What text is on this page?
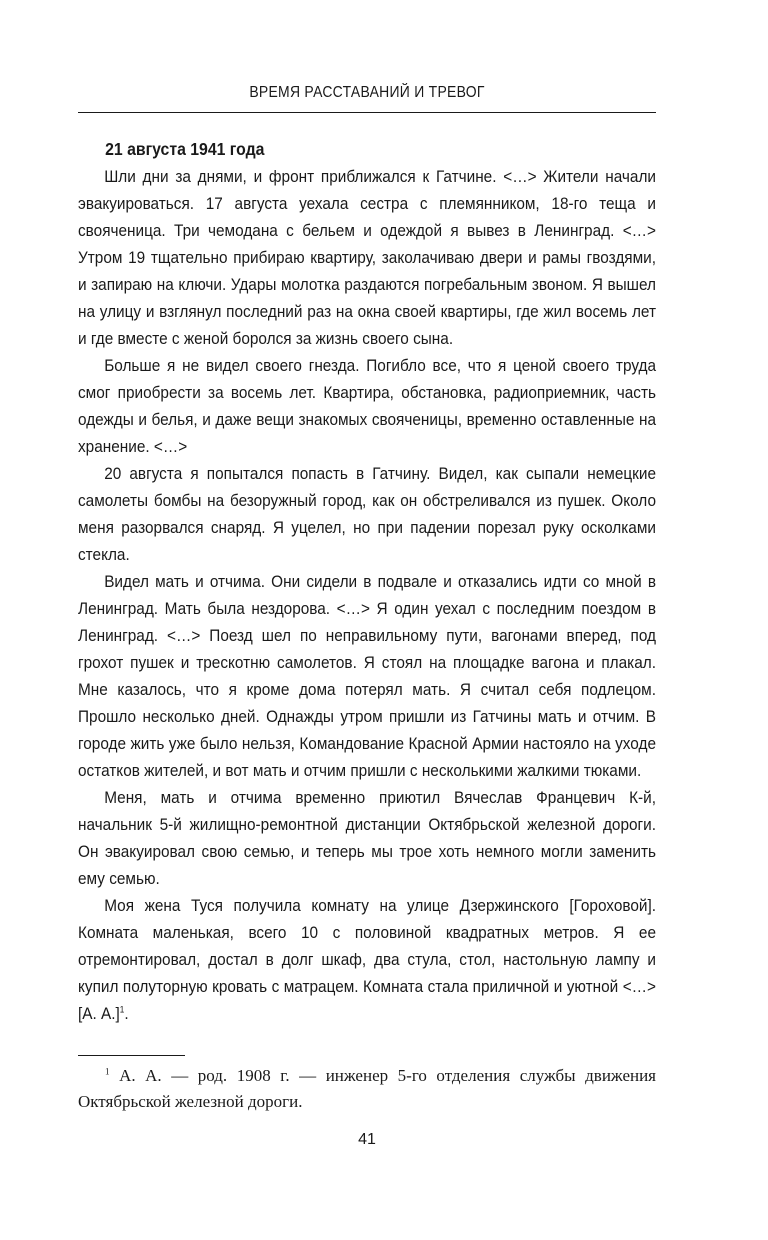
ВРЕМЯ РАССТАВАНИЙ И ТРЕВОГ
21 августа 1941 года

Шли дни за днями, и фронт приближался к Гатчине. <…> Жители начали эвакуироваться. 17 августа уехала сестра с племянником, 18-го теща и свояченица. Три чемодана с бельем и одеждой я вывез в Ленинград. <…> Утром 19 тщательно прибираю квартиру, заколачиваю двери и рамы гвоздями, и запираю на ключи. Удары молотка раздаются погребальным звоном. Я вышел на улицу и взглянул последний раз на окна своей квартиры, где жил восемь лет и где вместе с женой боролся за жизнь своего сына.

Больше я не видел своего гнезда. Погибло все, что я ценой своего труда смог приобрести за восемь лет. Квартира, обстановка, радиоприемник, часть одежды и белья, и даже вещи знакомых свояченицы, временно оставленные на хранение. <…>

20 августа я попытался попасть в Гатчину. Видел, как сыпали немецкие самолеты бомбы на безоружный город, как он обстреливался из пушек. Около меня разорвался снаряд. Я уцелел, но при падении порезал руку осколками стекла.

Видел мать и отчима. Они сидели в подвале и отказались идти со мной в Ленинград. Мать была нездорова. <…> Я один уехал с последним поездом в Ленинград. <…> Поезд шел по неправильному пути, вагонами вперед, под грохот пушек и трескотню самолетов. Я стоял на площадке вагона и плакал. Мне казалось, что я кроме дома потерял мать. Я считал себя подлецом. Прошло несколько дней. Однажды утром пришли из Гатчины мать и отчим. В городе жить уже было нельзя, Командование Красной Армии настояло на уходе остатков жителей, и вот мать и отчим пришли с несколькими жалкими тюками.

Меня, мать и отчима временно приютил Вячеслав Францевич К-й, начальник 5-й жилищно-ремонтной дистанции Октябрьской железной дороги. Он эвакуировал свою семью, и теперь мы трое хоть немного могли заменить ему семью.

Моя жена Туся получила комнату на улице Дзержинского [Гороховой]. Комната маленькая, всего 10 с половиной квадратных метров. Я ее отремонтировал, достал в долг шкаф, два стула, стол, настольную лампу и купил полуторную кровать с матрацем. Комната стала приличной и уютной <…> [А. А.]$^1$.

$^1$ А. А. — род. 1908 г. — инженер 5-го отделения службы движения Октябрьской железной дороги.
41
